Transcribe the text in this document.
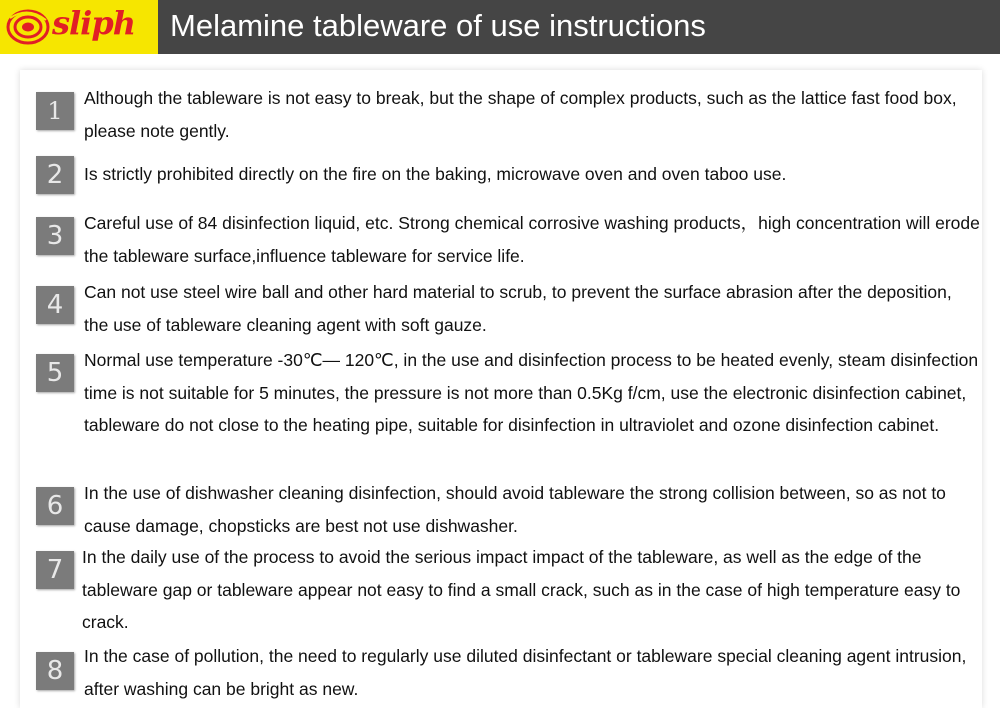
sliph Melamine tableware of use instructions
1	Although the tableware is not easy to break, but the shape of complex products, such as the lattice fast food box, please note gently.
2	Is strictly prohibited directly on the fire on the baking, microwave oven and oven taboo use.
3	Careful use of 84 disinfection liquid, etc. Strong chemical corrosive washing products，high concentration will erode the tableware surface,influence tableware for service life.
4	Can not use steel wire ball and other hard material to scrub, to prevent the surface abrasion after the deposition, the use of tableware cleaning agent with soft gauze.
5	Normal use temperature -30℃— 120℃, in the use and disinfection process to be heated evenly, steam disinfection time is not suitable for 5 minutes, the pressure is not more than 0.5Kg f/cm, use the electronic disinfection cabinet, tableware do not close to the heating pipe, suitable for disinfection in ultraviolet and ozone disinfection cabinet.
6	In the use of dishwasher cleaning disinfection, should avoid tableware the strong collision between, so as not to cause damage, chopsticks are best not use dishwasher.
7	In the daily use of the process to avoid the serious impact impact of the tableware, as well as the edge of the tableware gap or tableware appear not easy to find a small crack, such as in the case of high temperature easy to crack.
8	In the case of pollution, the need to regularly use diluted disinfectant or tableware special cleaning agent intrusion, after washing can be bright as new.
